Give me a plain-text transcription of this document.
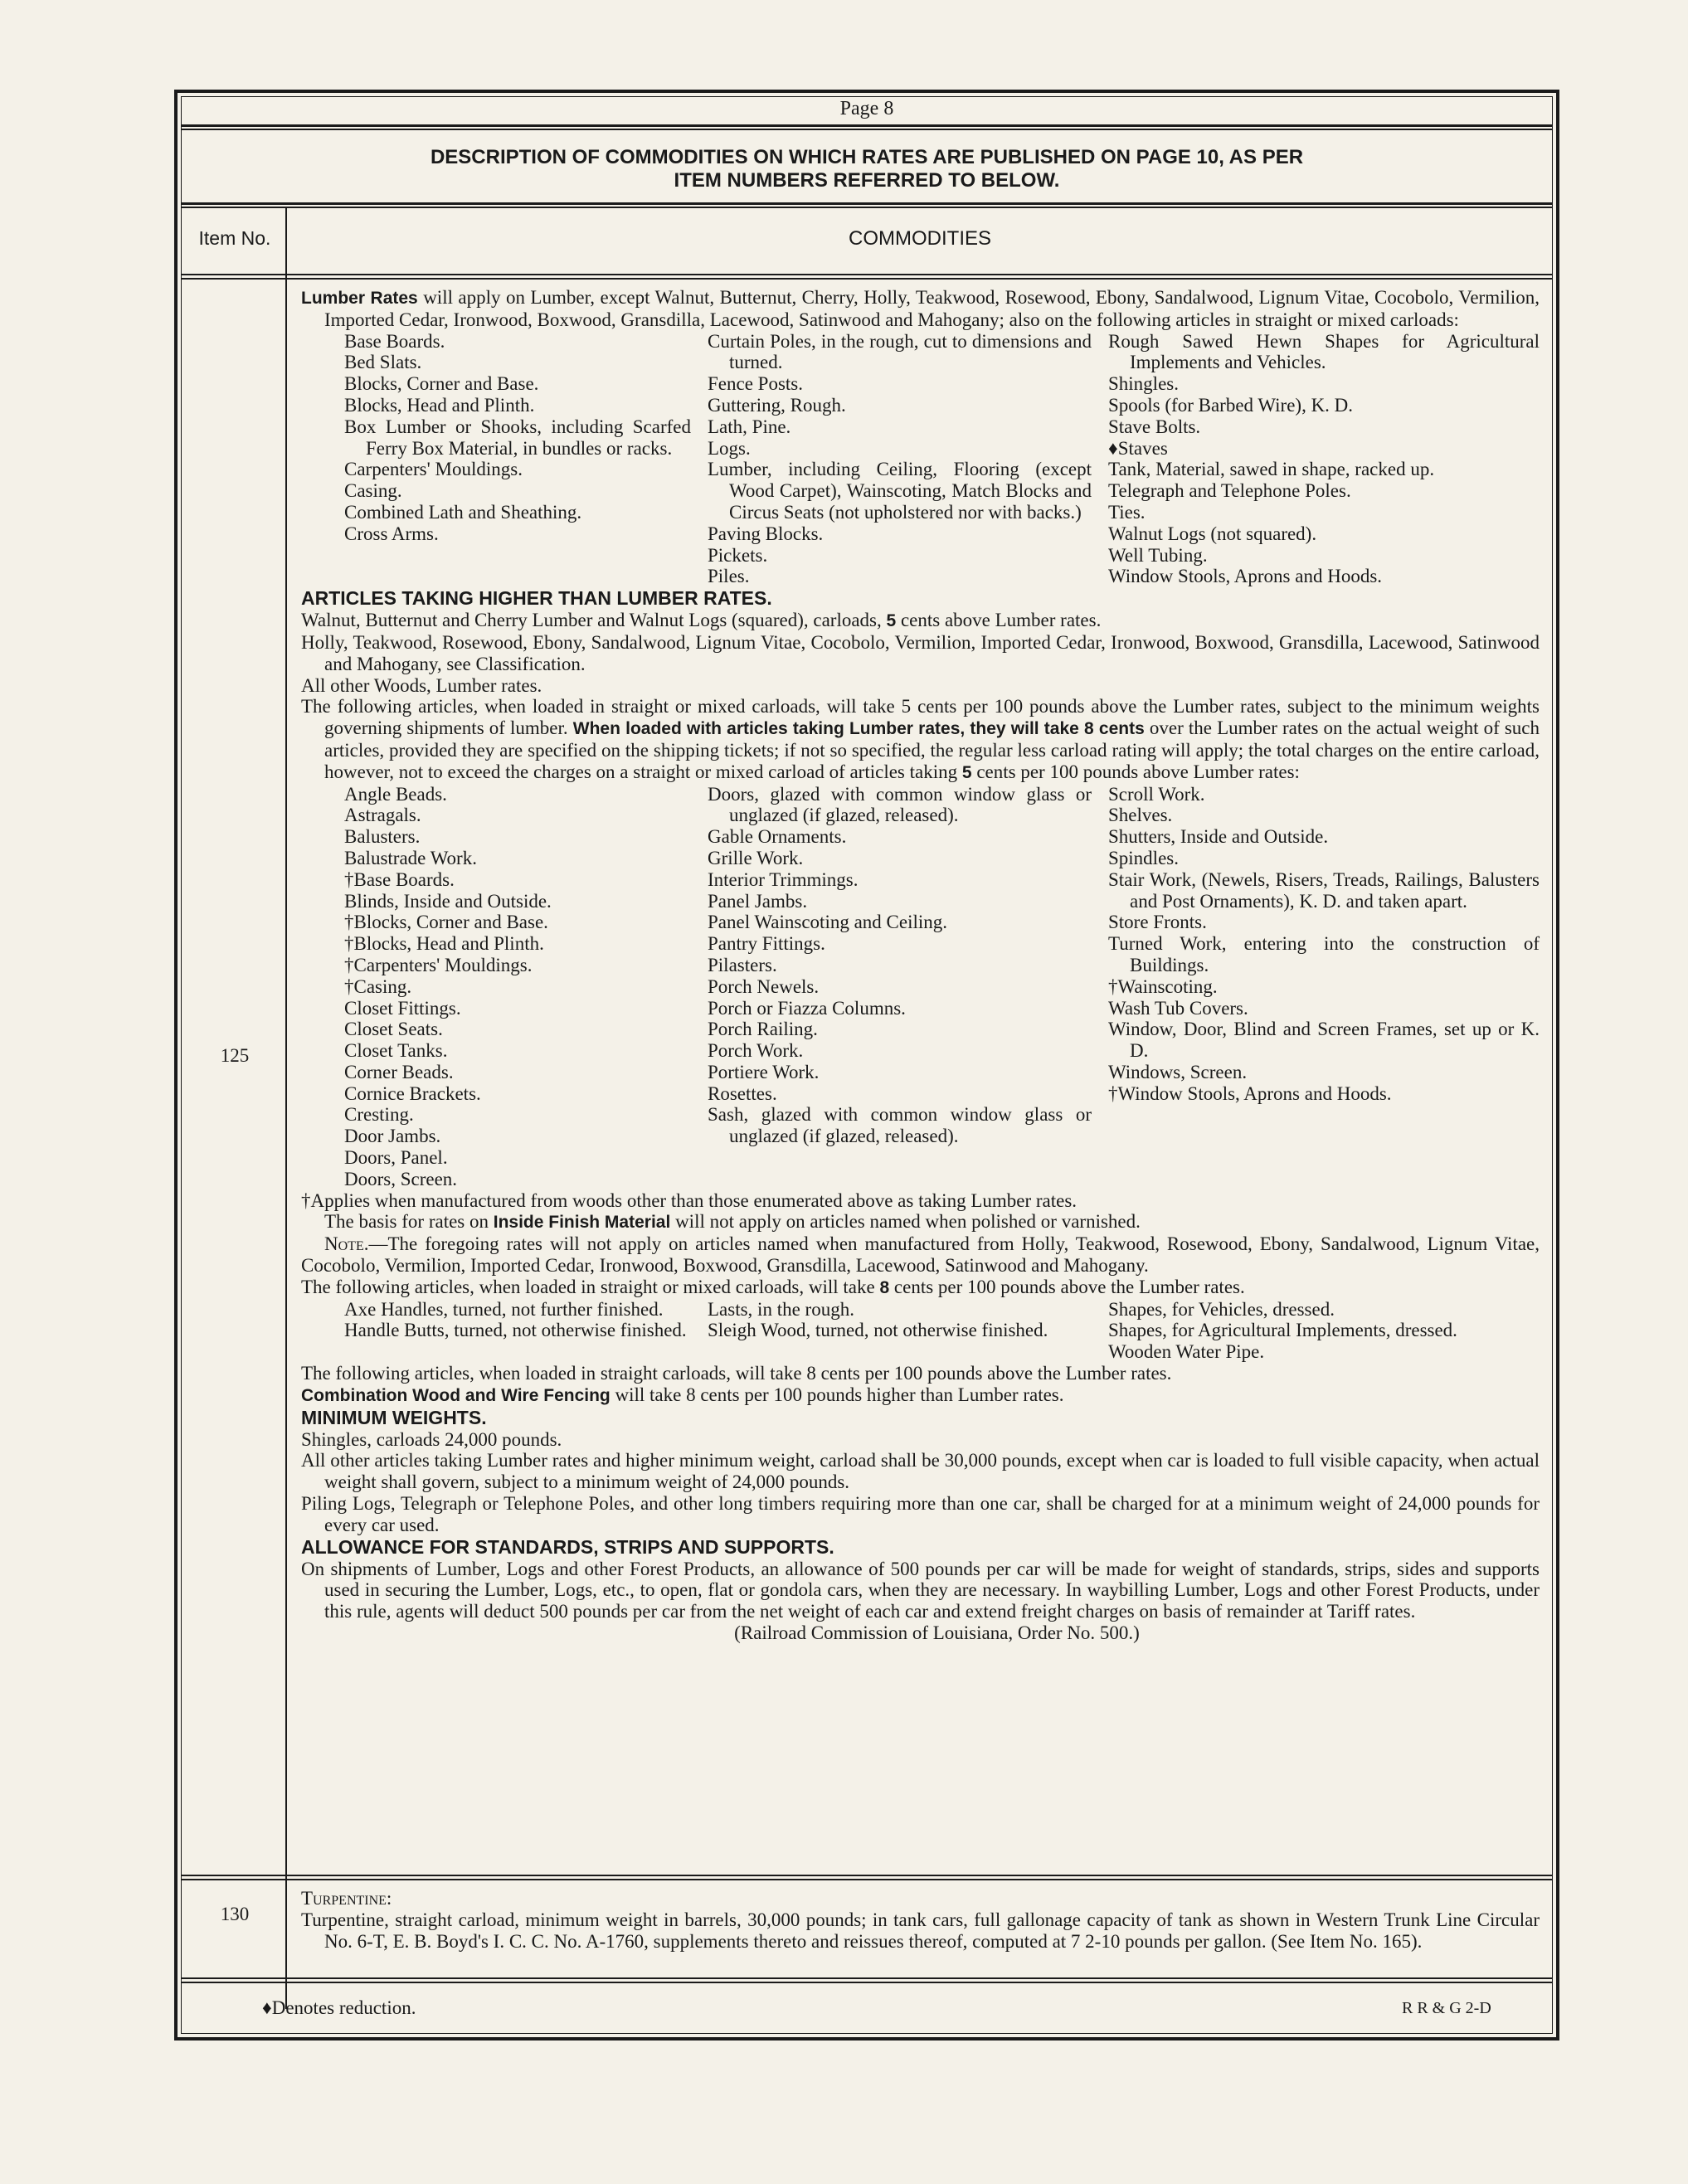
Page 8
DESCRIPTION OF COMMODITIES ON WHICH RATES ARE PUBLISHED ON PAGE 10, AS PER
ITEM NUMBERS REFERRED TO BELOW.
Item No.	COMMODITIES
125

Lumber Rates will apply on Lumber, except Walnut, Butternut, Cherry, Holly, Teakwood, Rosewood, Ebony, Sandalwood, Lignum Vitae, Cocobolo, Vermilion, Imported Cedar, Ironwood, Boxwood, Gransdilla, Lacewood, Satinwood and Mahogany; also on the following articles in straight or mixed carloads:

Base Boards.

Bed Slats.

Blocks, Corner and Base.

Blocks, Head and Plinth.

Box Lumber or Shooks, including Scarfed Ferry Box Material, in bundles or racks.

Carpenters' Mouldings.

Casing.

Combined Lath and Sheathing.

Cross Arms.

Curtain Poles, in the rough, cut to dimensions and turned.

Fence Posts.

Guttering, Rough.

Lath, Pine.

Logs.

Lumber, including Ceiling, Flooring (except Wood Carpet), Wainscoting, Match Blocks and Circus Seats (not upholstered nor with backs.)

Paving Blocks.

Pickets.

Piles.

Rough Sawed Hewn Shapes for Agricultural Implements and Vehicles.

Shingles.

Spools (for Barbed Wire), K. D.

Stave Bolts.

♦Staves

Tank, Material, sawed in shape, racked up.

Telegraph and Telephone Poles.

Ties.

Walnut Logs (not squared).

Well Tubing.

Window Stools, Aprons and Hoods.

ARTICLES TAKING HIGHER THAN LUMBER RATES.

Walnut, Butternut and Cherry Lumber and Walnut Logs (squared), carloads, 5 cents above Lumber rates.

Holly, Teakwood, Rosewood, Ebony, Sandalwood, Lignum Vitae, Cocobolo, Vermilion, Imported Cedar, Ironwood, Boxwood, Gransdilla, Lacewood, Satinwood and Mahogany, see Classification.

All other Woods, Lumber rates.

The following articles, when loaded in straight or mixed carloads, will take 5 cents per 100 pounds above the Lumber rates, subject to the minimum weights governing shipments of lumber. When loaded with articles taking Lumber rates, they will take 8 cents over the Lumber rates on the actual weight of such articles, provided they are specified on the shipping tickets; if not so specified, the regular less carload rating will apply; the total charges on the entire carload, however, not to exceed the charges on a straight or mixed carload of articles taking 5 cents per 100 pounds above Lumber rates:

Angle Beads.

Astragals.

Balusters.

Balustrade Work.

†Base Boards.

Blinds, Inside and Outside.

†Blocks, Corner and Base.

†Blocks, Head and Plinth.

†Carpenters' Mouldings.

†Casing.

Closet Fittings.

Closet Seats.

Closet Tanks.

Corner Beads.

Cornice Brackets.

Cresting.

Door Jambs.

Doors, Panel.

Doors, Screen.

Doors, glazed with common window glass or unglazed (if glazed, released).

Gable Ornaments.

Grille Work.

Interior Trimmings.

Panel Jambs.

Panel Wainscoting and Ceiling.

Pantry Fittings.

Pilasters.

Porch Newels.

Porch or Fiazza Columns.

Porch Railing.

Porch Work.

Portiere Work.

Rosettes.

Sash, glazed with common window glass or unglazed (if glazed, released).

Scroll Work.

Shelves.

Shutters, Inside and Outside.

Spindles.

Stair Work, (Newels, Risers, Treads, Railings, Balusters and Post Ornaments), K. D. and taken apart.

Store Fronts.

Turned Work, entering into the construction of Buildings.

†Wainscoting.

Wash Tub Covers.

Window, Door, Blind and Screen Frames, set up or K. D.

Windows, Screen.

†Window Stools, Aprons and Hoods.

†Applies when manufactured from woods other than those enumerated above as taking Lumber rates.

The basis for rates on Inside Finish Material will not apply on articles named when polished or varnished.

Note.—The foregoing rates will not apply on articles named when manufactured from Holly, Teakwood, Rosewood, Ebony, Sandalwood, Lignum Vitae, Cocobolo, Vermilion, Imported Cedar, Ironwood, Boxwood, Gransdilla, Lacewood, Satinwood and Mahogany.

The following articles, when loaded in straight or mixed carloads, will take 8 cents per 100 pounds above the Lumber rates.

Axe Handles, turned, not further finished.

Handle Butts, turned, not otherwise finished.

Lasts, in the rough.

Sleigh Wood, turned, not otherwise finished.

Shapes, for Vehicles, dressed.

Shapes, for Agricultural Implements, dressed.

Wooden Water Pipe.

The following articles, when loaded in straight carloads, will take 8 cents per 100 pounds above the Lumber rates.

Combination Wood and Wire Fencing will take 8 cents per 100 pounds higher than Lumber rates.

MINIMUM WEIGHTS.

Shingles, carloads 24,000 pounds.

All other articles taking Lumber rates and higher minimum weight, carload shall be 30,000 pounds, except when car is loaded to full visible capacity, when actual weight shall govern, subject to a minimum weight of 24,000 pounds.

Piling Logs, Telegraph or Telephone Poles, and other long timbers requiring more than one car, shall be charged for at a minimum weight of 24,000 pounds for every car used.

ALLOWANCE FOR STANDARDS, STRIPS AND SUPPORTS.

On shipments of Lumber, Logs and other Forest Products, an allowance of 500 pounds per car will be made for weight of standards, strips, sides and supports used in securing the Lumber, Logs, etc., to open, flat or gondola cars, when they are necessary. In waybilling Lumber, Logs and other Forest Products, under this rule, agents will deduct 500 pounds per car from the net weight of each car and extend freight charges on basis of remainder at Tariff rates.

(Railroad Commission of Louisiana, Order No. 500.)

130

Turpentine:

Turpentine, straight carload, minimum weight in barrels, 30,000 pounds; in tank cars, full gallonage capacity of tank as shown in Western Trunk Line Circular No. 6-T, E. B. Boyd's I. C. C. No. A-1760, supplements thereto and reissues thereof, computed at 7 2-10 pounds per gallon. (See Item No. 165).

♦Denotes reduction.	R R & G 2-D
